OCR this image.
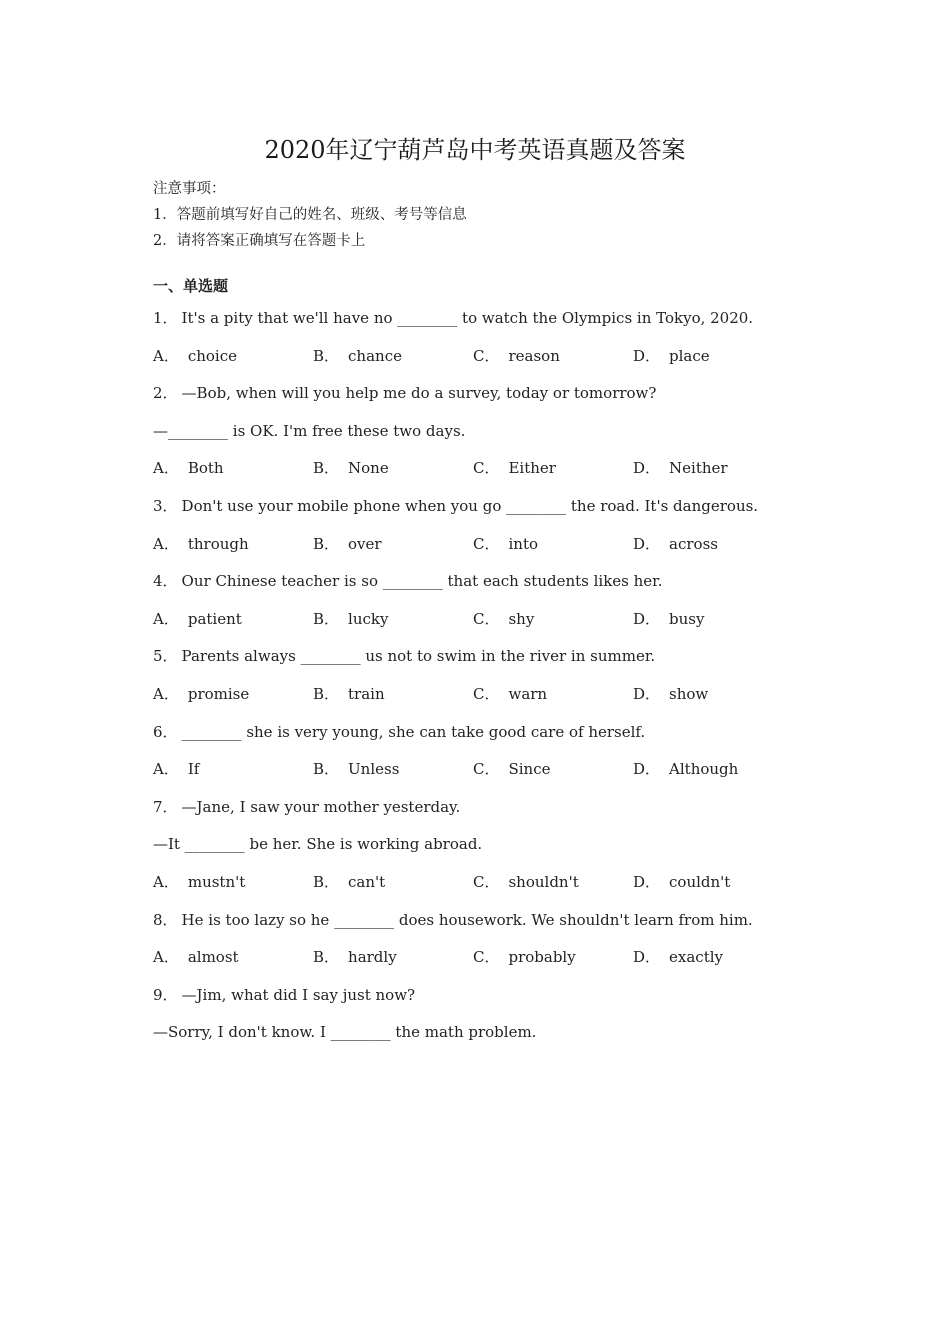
2020年辽宁葫芦岛中考英语真题及答案
注意事项：
1．答题前填写好自己的姓名、班级、考号等信息
2．请将答案正确填写在答题卡上
一、单选题
1． It's a pity that we'll have no ________ to watch the Olympics in Tokyo, 2020.
A． choice	B． chance	C． reason	D． place
2． —Bob, when will you help me do a survey, today or tomorrow?
—________ is OK. I'm free these two days.
A． Both	B． None	C． Either	D． Neither
3． Don't use your mobile phone when you go ________ the road. It's dangerous.
A． through	B． over	C． into	D． across
4． Our Chinese teacher is so ________ that each students likes her.
A． patient	B． lucky	C． shy	D． busy
5． Parents always ________ us not to swim in the river in summer.
A． promise	B． train	C． warn	D． show
6． ________ she is very young, she can take good care of herself.
A． If	B． Unless	C． Since	D． Although
7． —Jane, I saw your mother yesterday.
—It ________ be her. She is working abroad.
A． mustn't	B． can't	C． shouldn't	D． couldn't
8． He is too lazy so he ________ does housework. We shouldn't learn from him.
A． almost	B． hardly	C． probably	D． exactly
9． —Jim, what did I say just now?
—Sorry, I don't know. I ________ the math problem.
